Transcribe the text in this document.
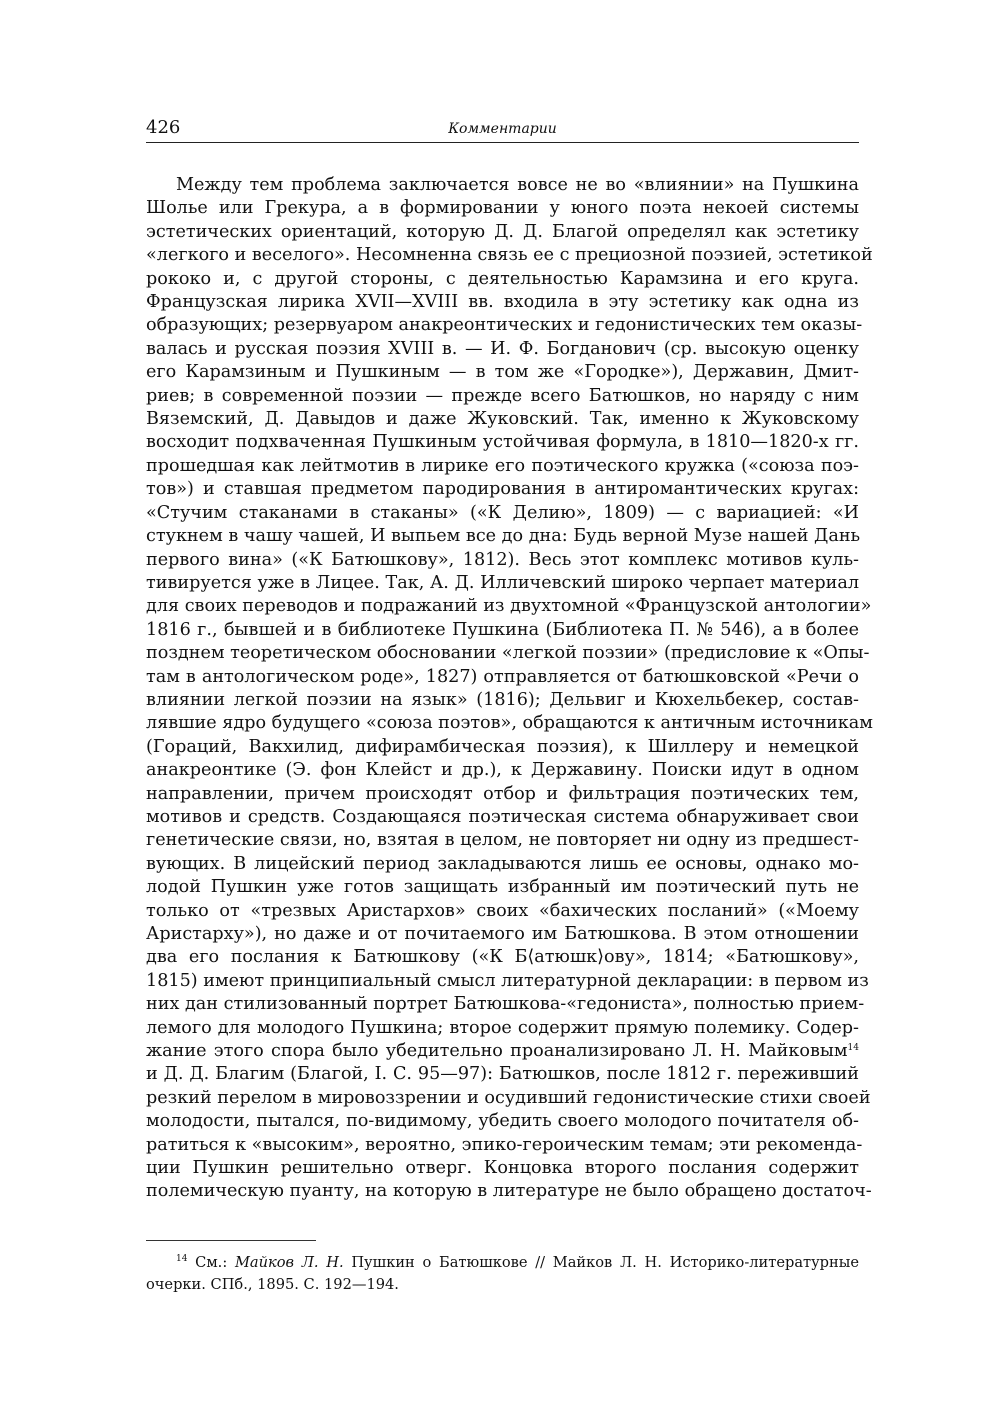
426	Комментарии
Между тем проблема заключается вовсе не во «влиянии» на Пушкина
Шолье или Грекура, а в формировании у юного поэта некоей системы
эстетических ориентаций, которую Д. Д. Благой определял как эстетику
«легкого и веселого». Несомненна связь ее с прециозной поэзией, эстетикой
рококо и, с другой стороны, с деятельностью Карамзина и его круга.
Французская лирика XVII—XVIII вв. входила в эту эстетику как одна из
образующих; резервуаром анакреонтических и гедонистических тем оказы-
валась и русская поэзия XVIII в. — И. Ф. Богданович (ср. высокую оценку
его Карамзиным и Пушкиным — в том же «Городке»), Державин, Дмит-
риев; в современной поэзии — прежде всего Батюшков, но наряду с ним
Вяземский, Д. Давыдов и даже Жуковский. Так, именно к Жуковскому
восходит подхваченная Пушкиным устойчивая формула, в 1810—1820-х гг.
прошедшая как лейтмотив в лирике его поэтического кружка («союза поэ-
тов») и ставшая предметом пародирования в антиромантических кругах:
«Стучим стаканами в стаканы» («К Делию», 1809) — с вариацией: «И
стукнем в чашу чашей, И выпьем все до дна: Будь верной Музе нашей Дань
первого вина» («К Батюшкову», 1812). Весь этот комплекс мотивов куль-
тивируется уже в Лицее. Так, А. Д. Илличевский широко черпает материал
для своих переводов и подражаний из двухтомной «Французской антологии»
1816 г., бывшей и в библиотеке Пушкина (Библиотека П. № 546), а в более
позднем теоретическом обосновании «легкой поэзии» (предисловие к «Опы-
там в антологическом роде», 1827) отправляется от батюшковской «Речи о
влиянии легкой поэзии на язык» (1816); Дельвиг и Кюхельбекер, состав-
лявшие ядро будущего «союза поэтов», обращаются к античным источникам
(Гораций, Вакхилид, дифирамбическая поэзия), к Шиллеру и немецкой
анакреонтике (Э. фон Клейст и др.), к Державину. Поиски идут в одном
направлении, причем происходят отбор и фильтрация поэтических тем,
мотивов и средств. Создающаяся поэтическая система обнаруживает свои
генетические связи, но, взятая в целом, не повторяет ни одну из предшест-
вующих. В лицейский период закладываются лишь ее основы, однако мо-
лодой Пушкин уже готов защищать избранный им поэтический путь не
только от «трезвых Аристархов» своих «бахических посланий» («Моему
Аристарху»), но даже и от почитаемого им Батюшкова. В этом отношении
два его послания к Батюшкову («К Б⟨атюшк⟩ову», 1814; «Батюшкову»,
1815) имеют принципиальный смысл литературной декларации: в первом из
них дан стилизованный портрет Батюшкова-«гедониста», полностью прием-
лемого для молодого Пушкина; второе содержит прямую полемику. Содер-
жание этого спора было убедительно проанализировано Л. Н. Майковым$^{14}$
и Д. Д. Благим (Благой, I. С. 95—97): Батюшков, после 1812 г. переживший
резкий перелом в мировоззрении и осудивший гедонистические стихи своей
молодости, пытался, по-видимому, убедить своего молодого почитателя об-
ратиться к «высоким», вероятно, эпико-героическим темам; эти рекоменда-
ции Пушкин решительно отверг. Концовка второго послания содержит
полемическую пуанту, на которую в литературе не было обращено достаточ-
$^{14}$ См.: Майков Л. Н. Пушкин о Батюшкове // Майков Л. Н. Историко-литературные
очерки. СПб., 1895. С. 192—194.
